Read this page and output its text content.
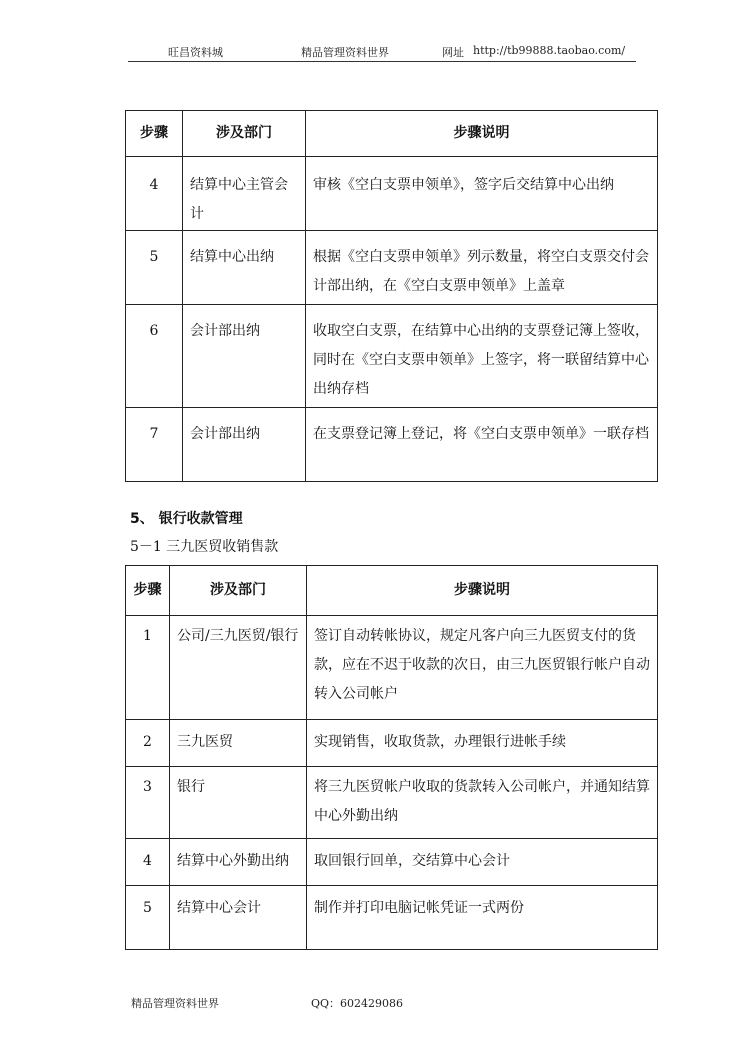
旺昌资料城	精品管理资料世界	网址 http://tb99888.taobao.com/
步骤	涉及部门	步骤说明
4	结算中心主管会计	审核《空白支票申领单》，签字后交结算中心出纳
5	结算中心出纳	根据《空白支票申领单》列示数量，将空白支票交付会计部出纳，在《空白支票申领单》上盖章
6	会计部出纳	收取空白支票，在结算中心出纳的支票登记簿上签收，同时在《空白支票申领单》上签字，将一联留结算中心出纳存档
7	会计部出纳	在支票登记簿上登记，将《空白支票申领单》一联存档
5、 银行收款管理
5－1 三九医贸收销售款
步骤	涉及部门	步骤说明
1	公司/三九医贸/银行	签订自动转帐协议，规定凡客户向三九医贸支付的货款，应在不迟于收款的次日，由三九医贸银行帐户自动转入公司帐户
2	三九医贸	实现销售，收取货款，办理银行进帐手续
3	银行	将三九医贸帐户收取的货款转入公司帐户，并通知结算中心外勤出纳
4	结算中心外勤出纳	取回银行回单，交结算中心会计
5	结算中心会计	制作并打印电脑记帐凭证一式两份
精品管理资料世界	QQ：602429086
